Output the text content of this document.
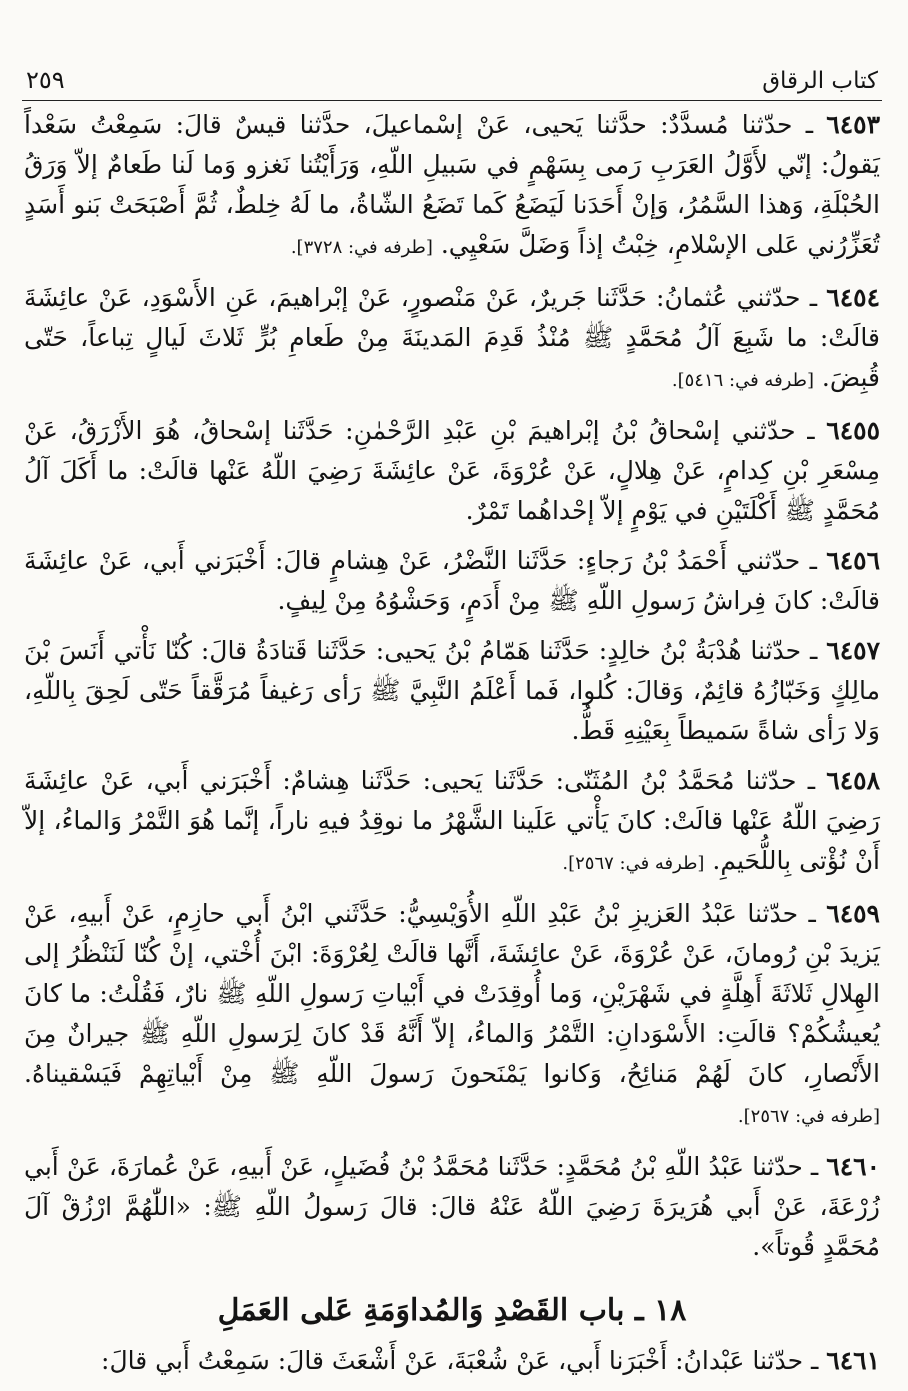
كتاب الرقاق
٢٥٩

٦٤٥٣ ـ حدّثنا مُسدَّدٌ: حدَّثنا يَحيى، عَنْ إسْماعيلَ، حدَّثنا قيسٌ قالَ: سَمِعْتُ سَعْداً يَقولُ: إنّي لأَوَّلُ العَرَبِ رَمى بِسَهْمٍ في سَبيلِ اللّهِ، وَرَأَيْتُنا نَغزو وَما لَنا طَعامٌ إلاّ وَرَقُ الحُبْلَةِ، وَهذا السَّمُرُ، وَإنْ أَحَدَنا لَيَضَعُ كَما تَضَعُ الشّاةُ، ما لَهُ خِلطٌ، ثُمَّ أَصْبَحَتْ بَنو أَسَدٍ تُعَزِّرُني عَلى الإسْلامِ، خِبْتُ إذاً وَضَلَّ سَعْيِي. [طرفه في: ٣٧٢٨].

٦٤٥٤ ـ حدّثني عُثمانُ: حَدَّثَنا جَريرٌ، عَنْ مَنْصورٍ، عَنْ إبْراهيمَ، عَنِ الأَسْوَدِ، عَنْ عائِشَةَ قالَتْ: ما شَبِعَ آلُ مُحَمَّدٍ ﷺ مُنْذُ قَدِمَ المَدينَةَ مِنْ طَعامِ بُرٍّ ثَلاثَ لَيالٍ تِباعاً، حَتّى قُبِضَ. [طرفه في: ٥٤١٦].

٦٤٥٥ ـ حدّثني إسْحاقُ بْنُ إبْراهيمَ بْنِ عَبْدِ الرَّحْمٰنِ: حَدَّثَنا إسْحاقُ، هُوَ الأَزْرَقُ، عَنْ مِسْعَرِ بْنِ كِدامٍ، عَنْ هِلالٍ، عَنْ عُرْوَةَ، عَنْ عائِشَةَ رَضِيَ اللّهُ عَنْها قالَتْ: ما أَكَلَ آلُ مُحَمَّدٍ ﷺ أَكْلَتَيْنِ في يَوْمٍ إلاّ إحْداهُما تَمْرٌ.

٦٤٥٦ ـ حدّثني أَحْمَدُ بْنُ رَجاءٍ: حَدَّثَنا النَّضْرُ، عَنْ هِشامٍ قالَ: أَخْبَرَني أَبي، عَنْ عائِشَةَ قالَتْ: كانَ فِراشُ رَسولِ اللّهِ ﷺ مِنْ أَدَمٍ، وَحَشْوُهُ مِنْ لِيفٍ.

٦٤٥٧ ـ حدّثنا هُدْبَةُ بْنُ خالِدٍ: حَدَّثَنا هَمّامُ بْنُ يَحيى: حَدَّثَنا قَتادَةُ قالَ: كُنّا نَأْتي أَنَسَ بْنَ مالِكٍ وَخَبّازُهُ قائِمٌ، وَقالَ: كُلوا، فَما أَعْلَمُ النَّبِيَّ ﷺ رَأى رَغيفاً مُرَقَّقاً حَتّى لَحِقَ بِاللّهِ، وَلا رَأى شاةً سَميطاً بِعَيْنِهِ قَطُّ.

٦٤٥٨ ـ حدّثنا مُحَمَّدُ بْنُ المُثَنّى: حَدَّثَنا يَحيى: حَدَّثَنا هِشامٌ: أَخْبَرَني أَبي، عَنْ عائِشَةَ رَضِيَ اللّهُ عَنْها قالَتْ: كانَ يَأْتي عَلَينا الشَّهْرُ ما نوقِدُ فيهِ ناراً، إنَّما هُوَ التَّمْرُ وَالماءُ، إلاّ أَنْ نُؤْتى بِاللُّحَيمِ. [طرفه في: ٢٥٦٧].

٦٤٥٩ ـ حدّثنا عَبْدُ العَزيزِ بْنُ عَبْدِ اللّهِ الأُوَيْسِيُّ: حَدَّثَني ابْنُ أَبي حازِمٍ، عَنْ أَبيهِ، عَنْ يَزيدَ بْنِ رُومانَ، عَنْ عُرْوَةَ، عَنْ عائِشَةَ، أَنَّها قالَتْ لِعُرْوَةَ: ابْنَ أُخْتي، إنْ كُنّا لَنَنْظُرُ إلى الهِلالِ ثَلاثَةَ أَهِلَّةٍ في شَهْرَيْنِ، وَما أُوقِدَتْ في أَبْياتِ رَسولِ اللّهِ ﷺ نارٌ، فَقُلْتُ: ما كانَ يُعيشُكُمْ؟ قالَتِ: الأَسْوَدانِ: التَّمْرُ وَالماءُ، إلاّ أَنَّهُ قَدْ كانَ لِرَسولِ اللّهِ ﷺ جيرانٌ مِنَ الأَنْصارِ، كانَ لَهُمْ مَنائِحُ، وَكانوا يَمْنَحونَ رَسولَ اللّهِ ﷺ مِنْ أَبْياتِهِمْ فَيَسْقيناهُ. [طرفه في: ٢٥٦٧].

٦٤٦٠ ـ حدّثنا عَبْدُ اللّهِ بْنُ مُحَمَّدٍ: حَدَّثَنا مُحَمَّدُ بْنُ فُضَيلٍ، عَنْ أَبيهِ، عَنْ عُمارَةَ، عَنْ أَبي زُرْعَةَ، عَنْ أَبي هُرَيرَةَ رَضِيَ اللّهُ عَنْهُ قالَ: قالَ رَسولُ اللّهِ ﷺ: «اللّٰهُمَّ ارْزُقْ آلَ مُحَمَّدٍ قُوتاً».

١٨ ـ باب القَصْدِ وَالمُداوَمَةِ عَلى العَمَلِ

٦٤٦١ ـ حدّثنا عَبْدانُ: أَخْبَرَنا أَبي، عَنْ شُعْبَةَ، عَنْ أَشْعَثَ قالَ: سَمِعْتُ أَبي قالَ:
